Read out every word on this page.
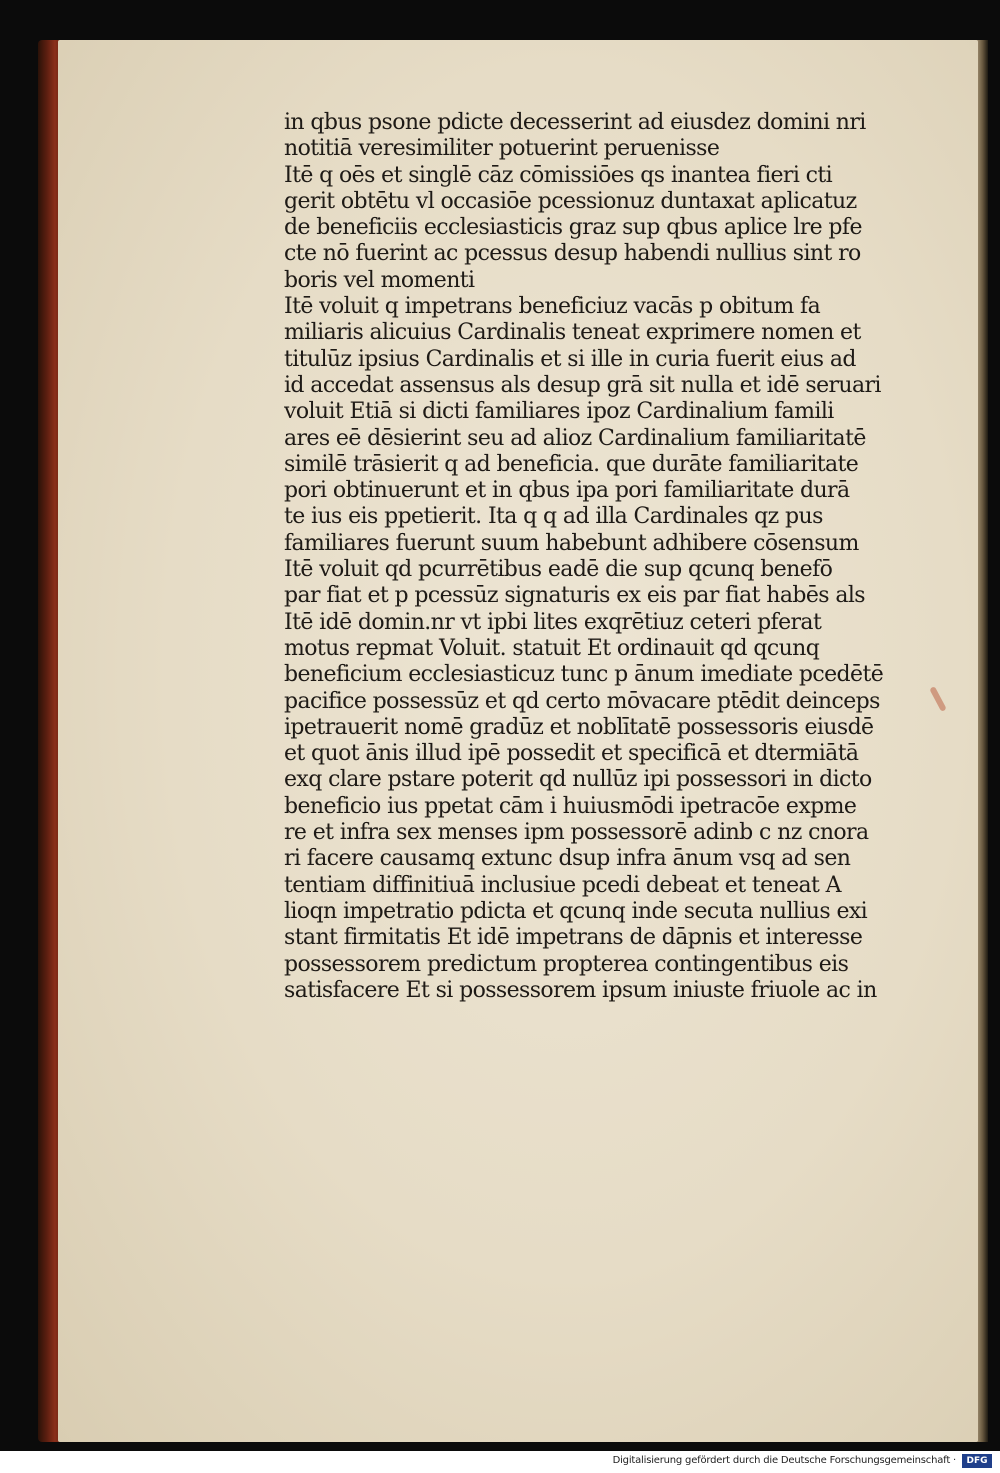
in qbus psone pdicte decesserint ad eiusdez domini nri
notitiā veresimiliter potuerint peruenisse
Itē q oēs et singlē cāz cōmissiōes qs inantea fieri cti
gerit obtētu vl occasiōe pcessionuz duntaxat aplicatuz
de beneficiis ecclesiasticis graz sup qbus aplice lre pfe
cte nō fuerint ac pcessus desup habendi nullius sint ro
boris vel momenti
Itē voluit q impetrans beneficiuz vacās p obitum fa
miliaris alicuius Cardinalis teneat exprimere nomen et
titulūz ipsius Cardinalis et si ille in curia fuerit eius ad
id accedat assensus als desup grā sit nulla et idē seruari
voluit Etiā si dicti familiares ipoz Cardinalium famili
ares eē dēsierint seu ad alioz Cardinalium familiaritatē
similē trāsierit q ad beneficia. que durāte familiaritate
pori obtinuerunt et in qbus ipa pori familiaritate durā
te ius eis ppetierit. Ita q q ad illa Cardinales qz pus
familiares fuerunt suum habebunt adhibere cōsensum
Itē voluit qd pcurrētibus eadē die sup qcunq benefō
par fiat et p pcessūz signaturis ex eis par fiat habēs als
Itē idē domin.nr vt ipbi lites exqrētiuz ceteri pferat
motus repmat Voluit. statuit Et ordinauit qd qcunq
beneficium ecclesiasticuz tunc p ānum imediate pcedētē
pacifice possessūz et qd certo mōvacare ptēdit deinceps
ipetrauerit nomē gradūz et noblītatē possessoris eiusdē
et quot ānis illud ipē possedit et specificā et dtermiātā
exq clare pstare poterit qd nullūz ipi possessori in dicto
beneficio ius ppetat cām i huiusmōdi ipetracōe expme
re et infra sex menses ipm possessorē adinb c nz cnora
ri facere causamq extunc dsup infra ānum vsq ad sen
tentiam diffinitiuā inclusiue pcedi debeat et teneat A
lioqn impetratio pdicta et qcunq inde secuta nullius exi
stant firmitatis Et idē impetrans de dāpnis et interesse
possessorem predictum propterea contingentibus eis
satisfacere Et si possessorem ipsum iniuste friuole ac in
Digitalisierung gefördert durch die Deutsche Forschungsgemeinschaft ·	DFG
